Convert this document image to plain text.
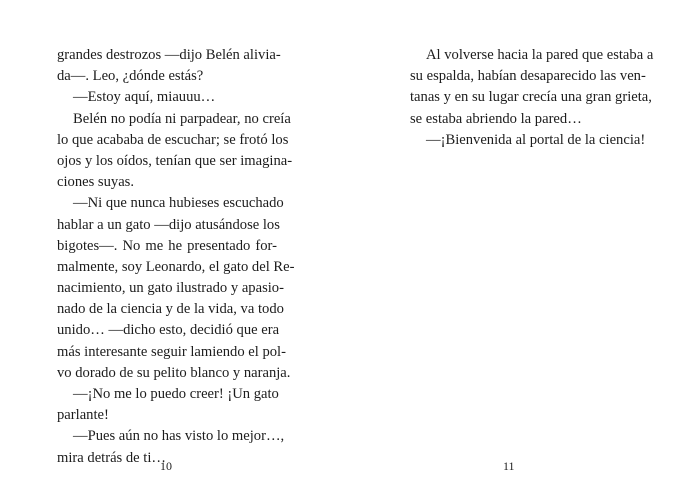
grandes destrozos —dijo Belén alivia-
da—. Leo, ¿dónde estás?
—Estoy aquí, miauuu…
Belén no podía ni parpadear, no creía
lo que acababa de escuchar; se frotó los
ojos y los oídos, tenían que ser imagina-
ciones suyas.
—Ni que nunca hubieses escuchado
hablar a un gato —dijo atusándose los
bigotes—. No me he presentado for-
malmente, soy Leonardo, el gato del Re-
nacimiento, un gato ilustrado y apasio-
nado de la ciencia y de la vida, va todo
unido… —dicho esto, decidió que era
más interesante seguir lamiendo el pol-
vo dorado de su pelito blanco y naranja.
—¡No me lo puedo creer! ¡Un gato
parlante!
—Pues aún no has visto lo mejor…,
mira detrás de ti…
10
Al volverse hacia la pared que estaba a
su espalda, habían desaparecido las ven-
tanas y en su lugar crecía una gran grieta,
se estaba abriendo la pared…
—¡Bienvenida al portal de la ciencia!
11
